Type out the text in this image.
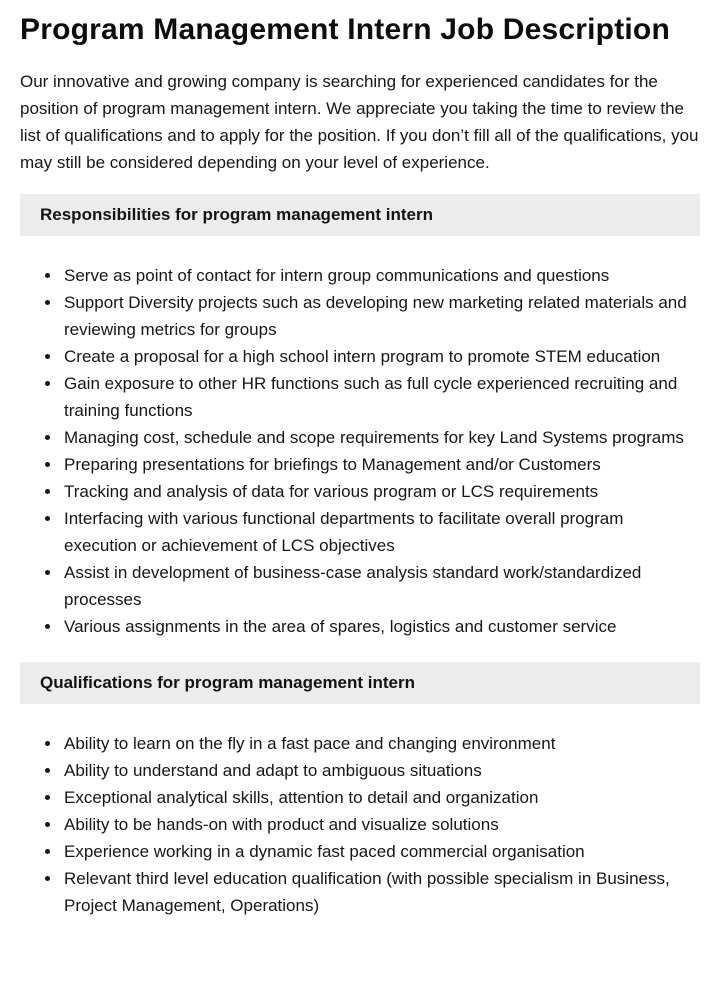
Program Management Intern Job Description

Our innovative and growing company is searching for experienced candidates for the position of program management intern. We appreciate you taking the time to review the list of qualifications and to apply for the position. If you don’t fill all of the qualifications, you may still be considered depending on your level of experience.

Responsibilities for program management intern
• Serve as point of contact for intern group communications and questions
• Support Diversity projects such as developing new marketing related materials and reviewing metrics for groups
• Create a proposal for a high school intern program to promote STEM education
• Gain exposure to other HR functions such as full cycle experienced recruiting and training functions
• Managing cost, schedule and scope requirements for key Land Systems programs
• Preparing presentations for briefings to Management and/or Customers
• Tracking and analysis of data for various program or LCS requirements
• Interfacing with various functional departments to facilitate overall program execution or achievement of LCS objectives
• Assist in development of business-case analysis standard work/standardized processes
• Various assignments in the area of spares, logistics and customer service
Qualifications for program management intern
• Ability to learn on the fly in a fast pace and changing environment
• Ability to understand and adapt to ambiguous situations
• Exceptional analytical skills, attention to detail and organization
• Ability to be hands-on with product and visualize solutions
• Experience working in a dynamic fast paced commercial organisation
• Relevant third level education qualification (with possible specialism in Business, Project Management, Operations)
